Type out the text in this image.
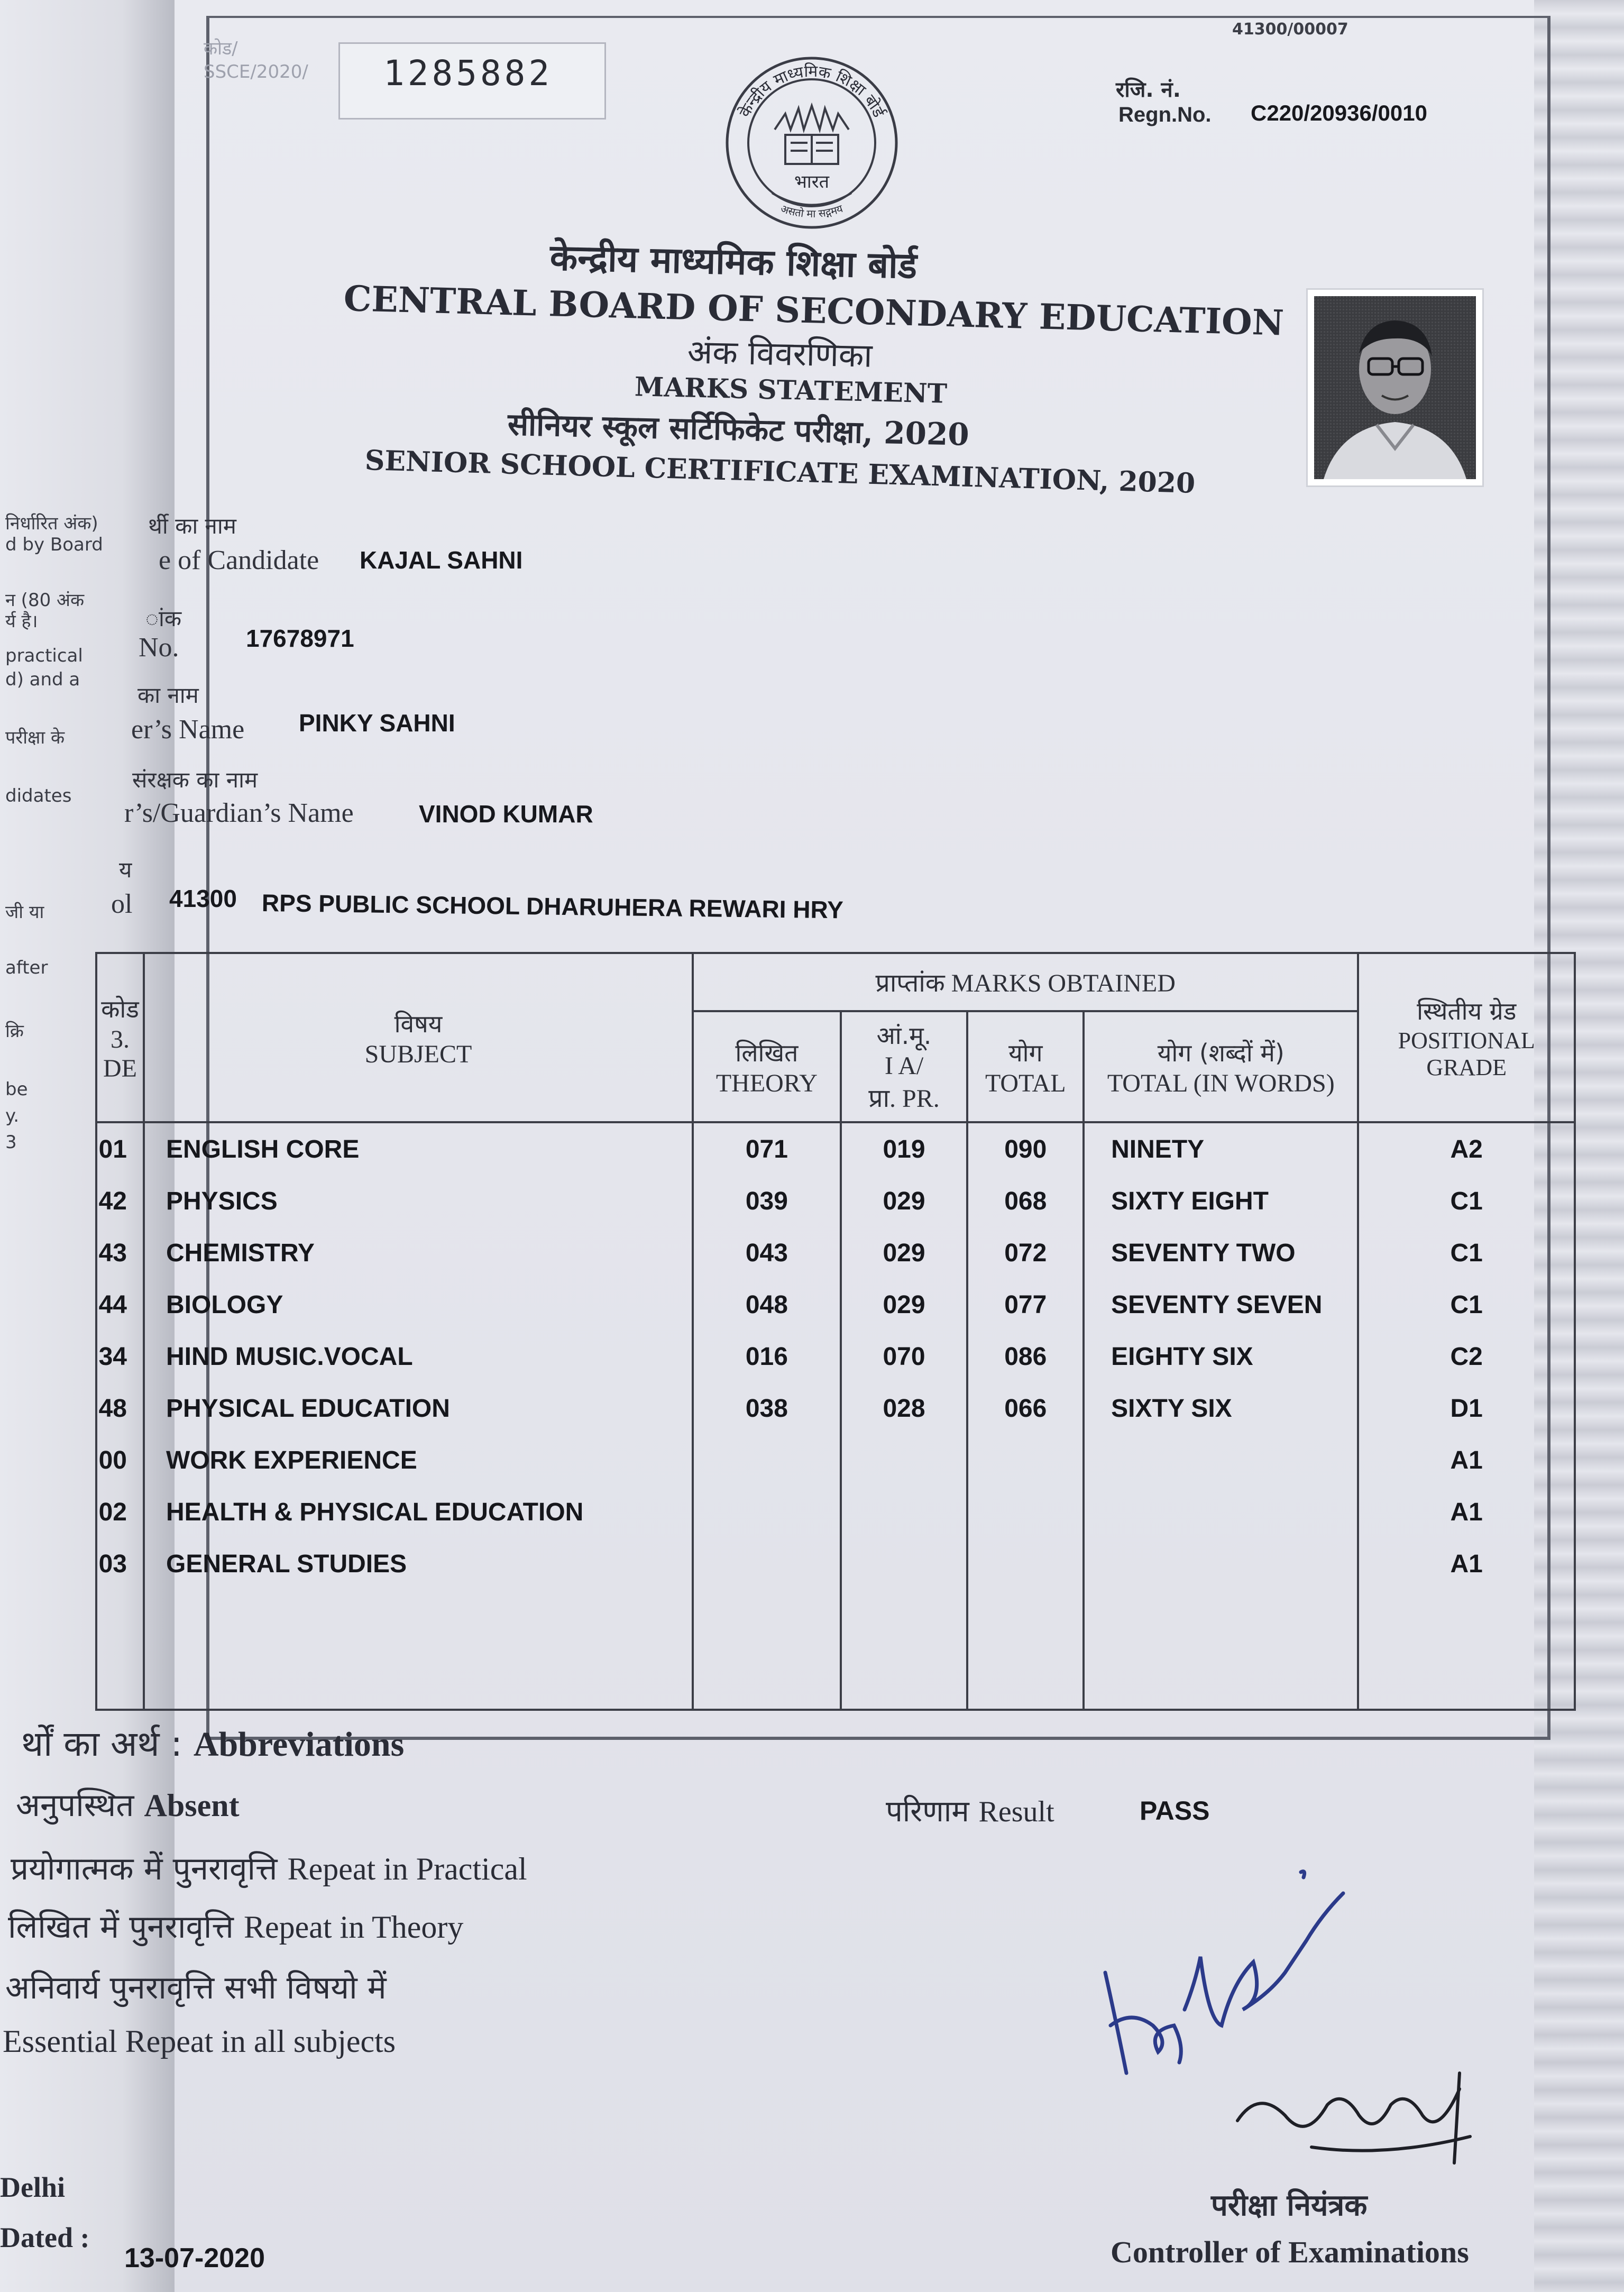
निर्धारित अंक)
d by Board
न (80 अंक
र्य है।
practical
d) and a
परीक्षा के
didates
जी या
after
क्रि
be
y.
3
कोड/
SSCE/2020/ 1285882
41300/00007
रजि. नं.
Regn.No. C220/20936/0010
केन्द्रीय माध्यमिक शिक्षा बोर्ड
भारत
असतो मा सद्गमय
केन्द्रीय माध्यमिक शिक्षा बोर्ड
CENTRAL BOARD OF SECONDARY EDUCATION
अंक विवरणिका
MARKS STATEMENT
सीनियर स्कूल सर्टिफिकेट परीक्षा, 2020
SENIOR SCHOOL CERTIFICATE EXAMINATION, 2020
र्थी का नाम
e of Candidate KAJAL SAHNI
ांक
No.	17678971
का नाम
er’s Name PINKY SAHNI
संरक्षक का नाम
r’s/Guardian’s Name	VINOD KUMAR
य
ol 41300 RPS PUBLIC SCHOOL DHARUHERA REWARI HRY
कोड
3.
DE	विषय
SUBJECT	प्राप्तांक MARKS OBTAINED				स्थितीय ग्रेड
POSITIONAL
GRADE

		लिखित
THEORY	आं.मू.
I A/
प्रा. PR.	योग
TOTAL	योग (शब्दों में)
TOTAL (IN WORDS)	

01	ENGLISH CORE	071	019	090	NINETY	A2
42	PHYSICS	039	029	068	SIXTY EIGHT	C1
43	CHEMISTRY	043	029	072	SEVENTY TWO	C1
44	BIOLOGY	048	029	077	SEVENTY SEVEN	C1
34	HIND MUSIC.VOCAL	016	070	086	EIGHTY SIX	C2
48	PHYSICAL EDUCATION	038	028	066	SIXTY SIX	D1
00	WORK EXPERIENCE					A1
02	HEALTH & PHYSICAL EDUCATION					A1
03	GENERAL STUDIES					A1

र्थों का अर्थ : Abbreviations
अनुपस्थित Absent
प्रयोगात्मक में पुनरावृत्ति Repeat in Practical
लिखित में पुनरावृत्ति Repeat in Theory
अनिवार्य पुनरावृत्ति सभी विषयो में
Essential Repeat in all subjects
परिणाम Result	PASS
Delhi
Dated :
13-07-2020
परीक्षा नियंत्रक
Controller of Examinations
